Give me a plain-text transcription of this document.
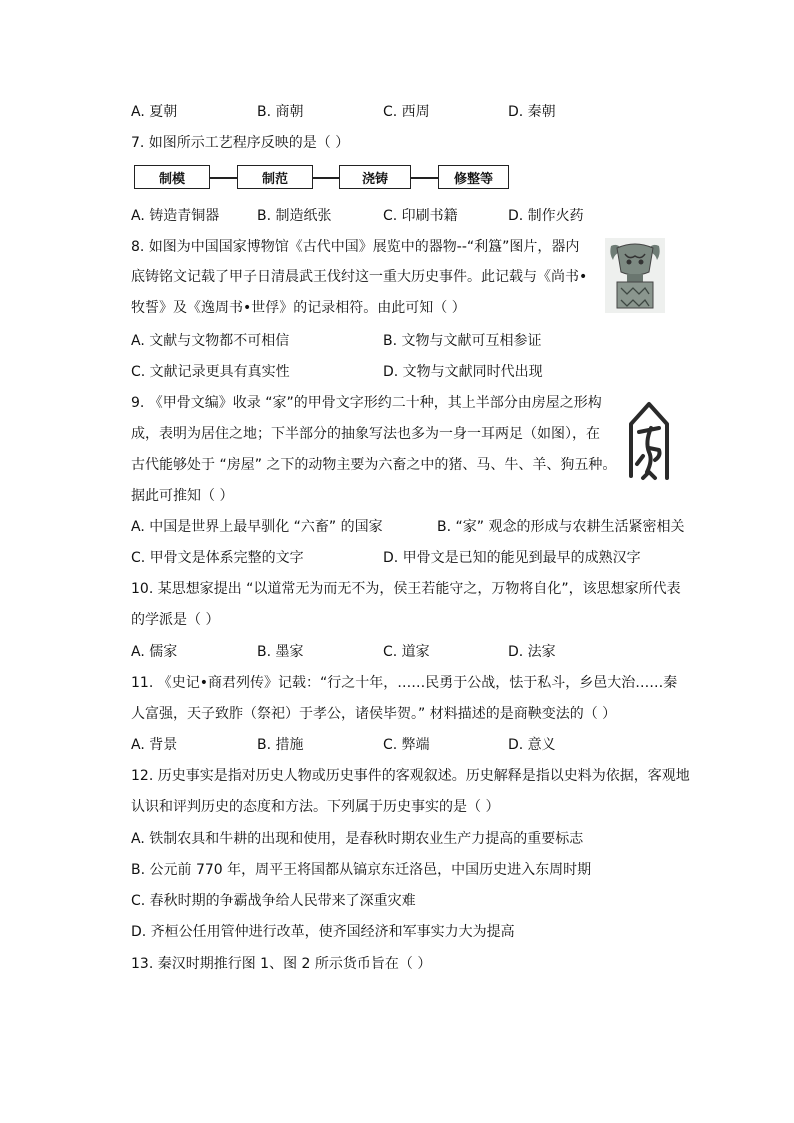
A. 夏朝	B. 商朝	C. 西周	D. 秦朝
7. 如图所示工艺程序反映的是（ ）
制模	制范	浇铸	修整等
A. 铸造青铜器	B. 制造纸张	C. 印刷书籍	D. 制作火药
8. 如图为中国国家博物馆《古代中国》展览中的器物--“利簋”图片，器内
底铸铭文记载了甲子日清晨武王伐纣这一重大历史事件。此记载与《尚书•
牧誓》及《逸周书•世俘》的记录相符。由此可知（ ）
A. 文献与文物都不可相信	B. 文物与文献可互相参证
C. 文献记录更具有真实性	D. 文物与文献同时代出现
9. 《甲骨文编》收录 “家”的甲骨文字形约二十种，其上半部分由房屋之形构
成，表明为居住之地；下半部分的抽象写法也多为一身一耳两足（如图），在
古代能够处于 “房屋” 之下的动物主要为六畜之中的猪、马、牛、羊、狗五种。
据此可推知（ ）
A. 中国是世界上最早驯化 “六畜” 的国家	B. “家” 观念的形成与农耕生活紧密相关
C. 甲骨文是体系完整的文字	D. 甲骨文是已知的能见到最早的成熟汉字
10. 某思想家提出 “以道常无为而无不为，侯王若能守之，万物将自化”，该思想家所代表
的学派是（ ）
A. 儒家	B. 墨家	C. 道家	D. 法家
11. 《史记•商君列传》记载：“行之十年，……民勇于公战，怯于私斗，乡邑大治……秦
人富强，天子致胙（祭祀）于孝公，诸侯毕贺。” 材料描述的是商鞅变法的（ ）
A. 背景	B. 措施	C. 弊端	D. 意义
12. 历史事实是指对历史人物或历史事件的客观叙述。历史解释是指以史料为依据，客观地
认识和评判历史的态度和方法。下列属于历史事实的是（ ）
A. 铁制农具和牛耕的出现和使用，是春秋时期农业生产力提高的重要标志
B. 公元前 770 年，周平王将国都从镐京东迁洛邑，中国历史进入东周时期
C. 春秋时期的争霸战争给人民带来了深重灾难
D. 齐桓公任用管仲进行改革，使齐国经济和军事实力大为提高
13. 秦汉时期推行图 1、图 2 所示货币旨在（ ）
